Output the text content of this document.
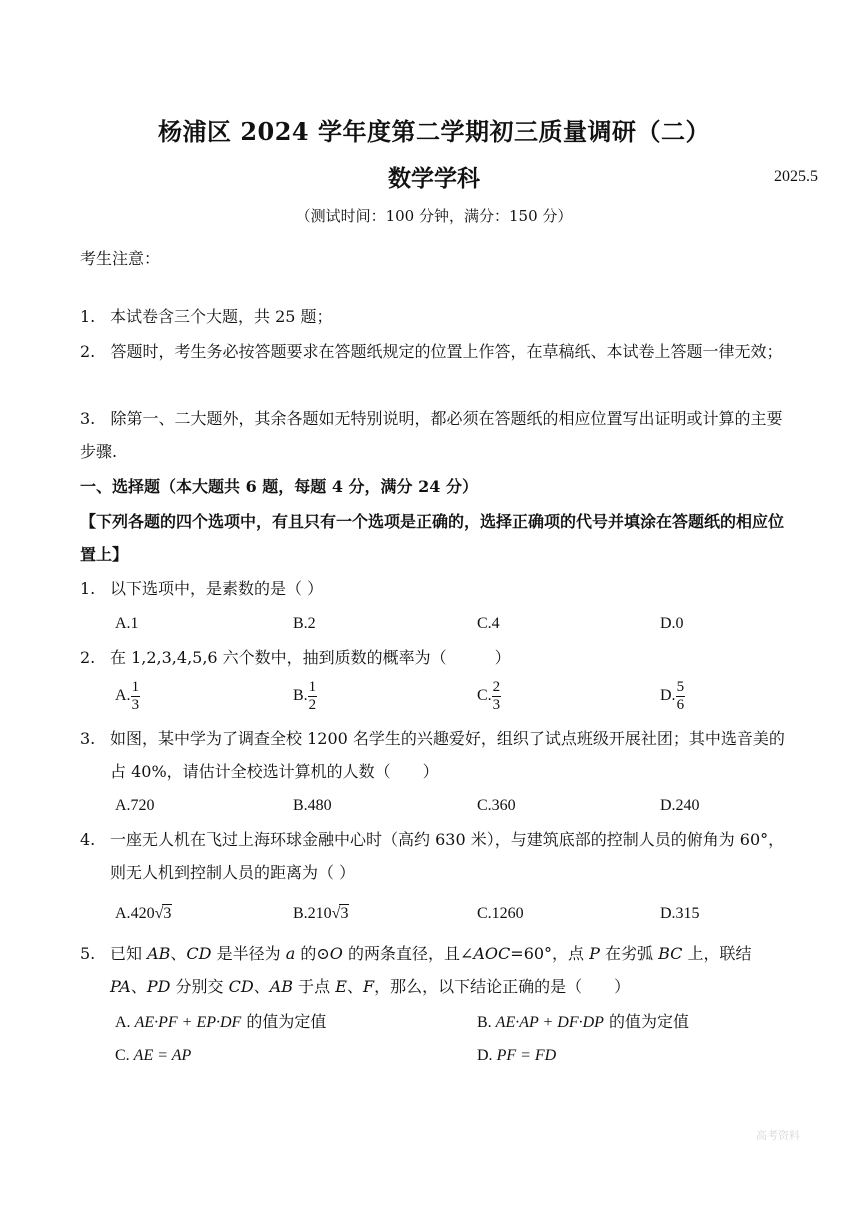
杨浦区 2024 学年度第二学期初三质量调研（二）
数学学科	2025.5
（测试时间：100 分钟，满分：150 分）
考生注意：
1. 本试卷含三个大题，共 25 题；
2. 答题时，考生务必按答题要求在答题纸规定的位置上作答，在草稿纸、本试卷上答题一律无效；
3. 除第一、二大题外，其余各题如无特别说明，都必须在答题纸的相应位置写出证明或计算的主要步骤.
一、选择题（本大题共 6 题，每题 4 分，满分 24 分）
【下列各题的四个选项中，有且只有一个选项是正确的，选择正确项的代号并填涂在答题纸的相应位置上】
1. 以下选项中，是素数的是（ ）
A.1	B.2	C.4	D.0
2. 在 1,2,3,4,5,6 六个数中，抽到质数的概率为（　　　）
A. $\frac{1}{3}$	B. $\frac{1}{2}$	C. $\frac{2}{3}$	D. $\frac{5}{6}$
3. 如图，某中学为了调查全校 1200 名学生的兴趣爱好，组织了试点班级开展社团；其中选音美的占 40%，请估计全校选计算机的人数（　　）
A.720	B.480	C.360	D.240
4. 一座无人机在飞过上海环球金融中心时（高约 630 米），与建筑底部的控制人员的俯角为 60°，则无人机到控制人员的距离为（ ）
A.420√3	B.210√3	C.1260	D.315
5. 已知 AB、CD 是半径为 a 的⊙O 的两条直径，且∠AOC=60°，点 P 在劣弧 BC 上，联结
PA、PD 分别交 CD、AB 于点 E、F，那么，以下结论正确的是（　　）
A. AE·PF + EP·DF 的值为定值	B. AE·AP + DF·DP 的值为定值
C. AE = AP	D. PF = FD
高考资料
